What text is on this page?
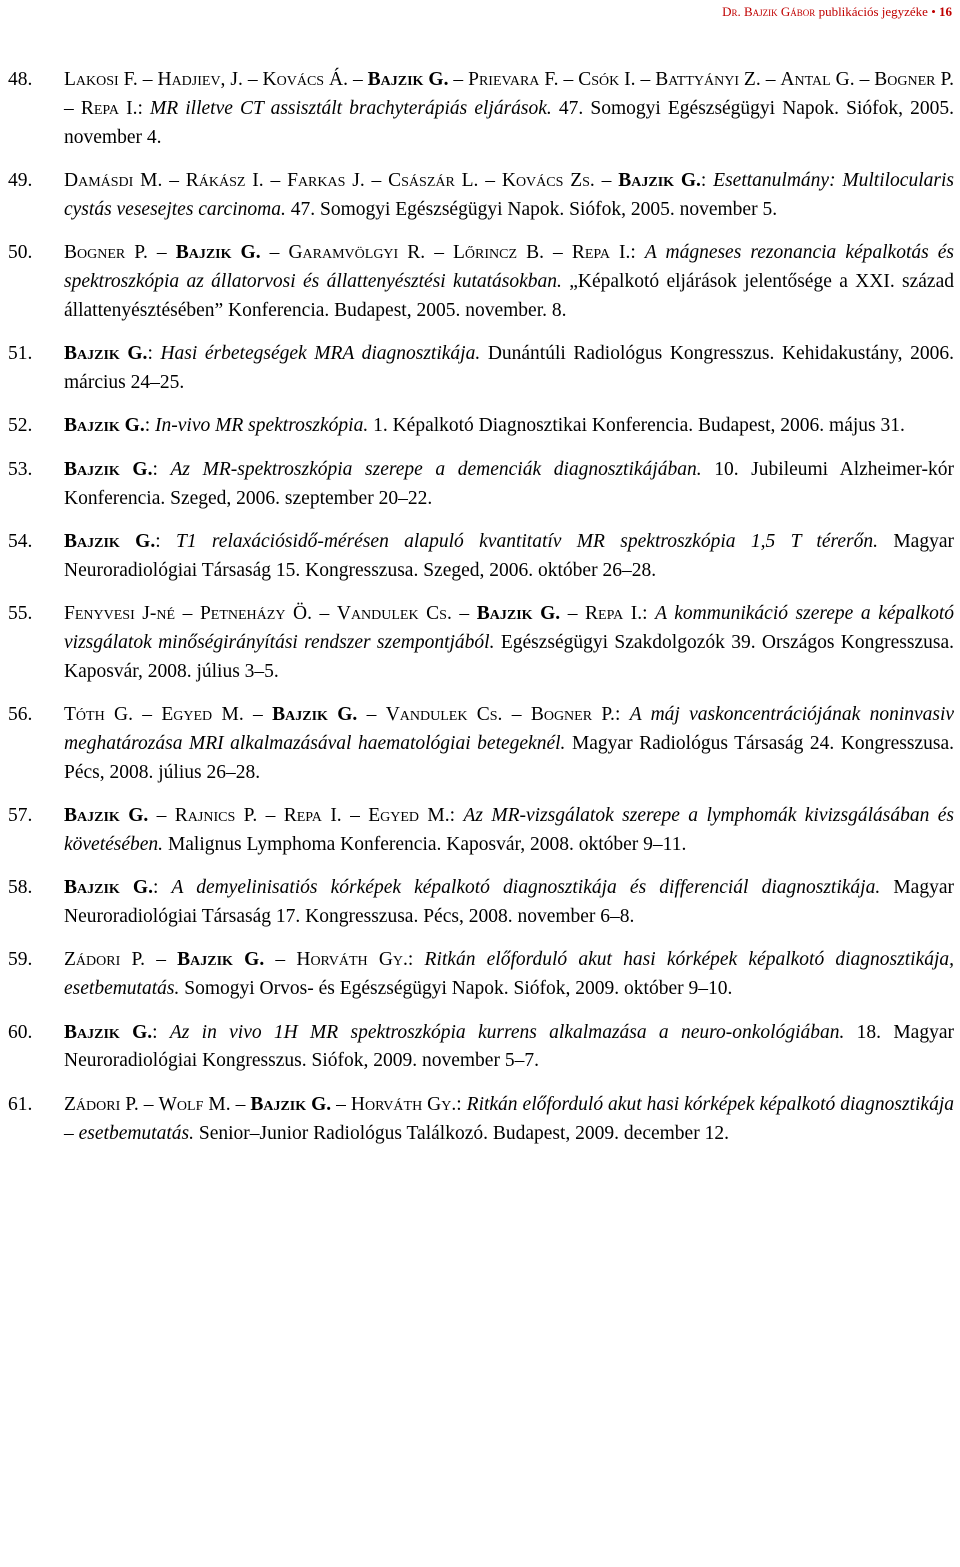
Dr. Bajzik Gábor publikációs jegyzéke • 16
48.	Lakosi F. – Hadjiev, J. – Kovács Á. – Bajzik G. – Prievara F. – Csók I. – Battyányi Z. – Antal G. – Bogner P. – Repa I.: MR illetve CT assisztált brachyterápiás eljárások. 47. Somogyi Egészségügyi Napok. Siófok, 2005. november 4.
49.	Damásdi M. – Rákász I. – Farkas J. – Császár L. – Kovács Zs. – Bajzik G.: Esettanulmány: Multilocularis cystás vesesejtes carcinoma. 47. Somogyi Egészségügyi Napok. Siófok, 2005. november 5.
50.	Bogner P. – Bajzik G. – Garamvölgyi R. – Lőrincz B. – Repa I.: A mágneses rezonancia képalkotás és spektroszkópia az állatorvosi és állattenyésztési kutatásokban. „Képalkotó eljárások jelentősége a XXI. század állattenyésztésében” Konferencia. Budapest, 2005. november. 8.
51.	Bajzik G.: Hasi érbetegségek MRA diagnosztikája. Dunántúli Radiológus Kongresszus. Kehidakustány, 2006. március 24–25.
52.	Bajzik G.: In-vivo MR spektroszkópia. 1. Képalkotó Diagnosztikai Konferencia. Budapest, 2006. május 31.
53.	Bajzik G.: Az MR-spektroszkópia szerepe a demenciák diagnosztikájában. 10. Jubileumi Alzheimer-kór Konferencia. Szeged, 2006. szeptember 20–22.
54.	Bajzik G.: T1 relaxációsidő-mérésen alapuló kvantitatív MR spektroszkópia 1,5 T térerőn. Magyar Neuroradiológiai Társaság 15. Kongresszusa. Szeged, 2006. október 26–28.
55.	Fenyvesi J-né – Petneházy Ö. – Vandulek Cs. – Bajzik G. – Repa I.: A kommunikáció szerepe a képalkotó vizsgálatok minőségirányítási rendszer szempontjából. Egészségügyi Szakdolgozók 39. Országos Kongresszusa. Kaposvár, 2008. július 3–5.
56.	Tóth G. – Egyed M. – Bajzik G. – Vandulek Cs. – Bogner P.: A máj vaskoncentrációjának noninvasiv meghatározása MRI alkalmazásával haematológiai betegeknél. Magyar Radiológus Társaság 24. Kongresszusa. Pécs, 2008. július 26–28.
57.	Bajzik G. – Rajnics P. – Repa I. – Egyed M.: Az MR-vizsgálatok szerepe a lymphomák kivizsgálásában és követésében. Malignus Lymphoma Konferencia. Kaposvár, 2008. október 9–11.
58.	Bajzik G.: A demyelinisatiós kórképek képalkotó diagnosztikája és differenciál diagnosztikája. Magyar Neuroradiológiai Társaság 17. Kongresszusa. Pécs, 2008. november 6–8.
59.	Zádori P. – Bajzik G. – Horváth Gy.: Ritkán előforduló akut hasi kórképek képalkotó diagnosztikája, esetbemutatás. Somogyi Orvos- és Egészségügyi Napok. Siófok, 2009. október 9–10.
60.	Bajzik G.: Az in vivo 1H MR spektroszkópia kurrens alkalmazása a neuro-onkológiában. 18. Magyar Neuroradiológiai Kongresszus. Siófok, 2009. november 5–7.
61.	Zádori P. – Wolf M. – Bajzik G. – Horváth Gy.: Ritkán előforduló akut hasi kórképek képalkotó diagnosztikája – esetbemutatás. Senior–Junior Radiológus Találkozó. Budapest, 2009. december 12.
